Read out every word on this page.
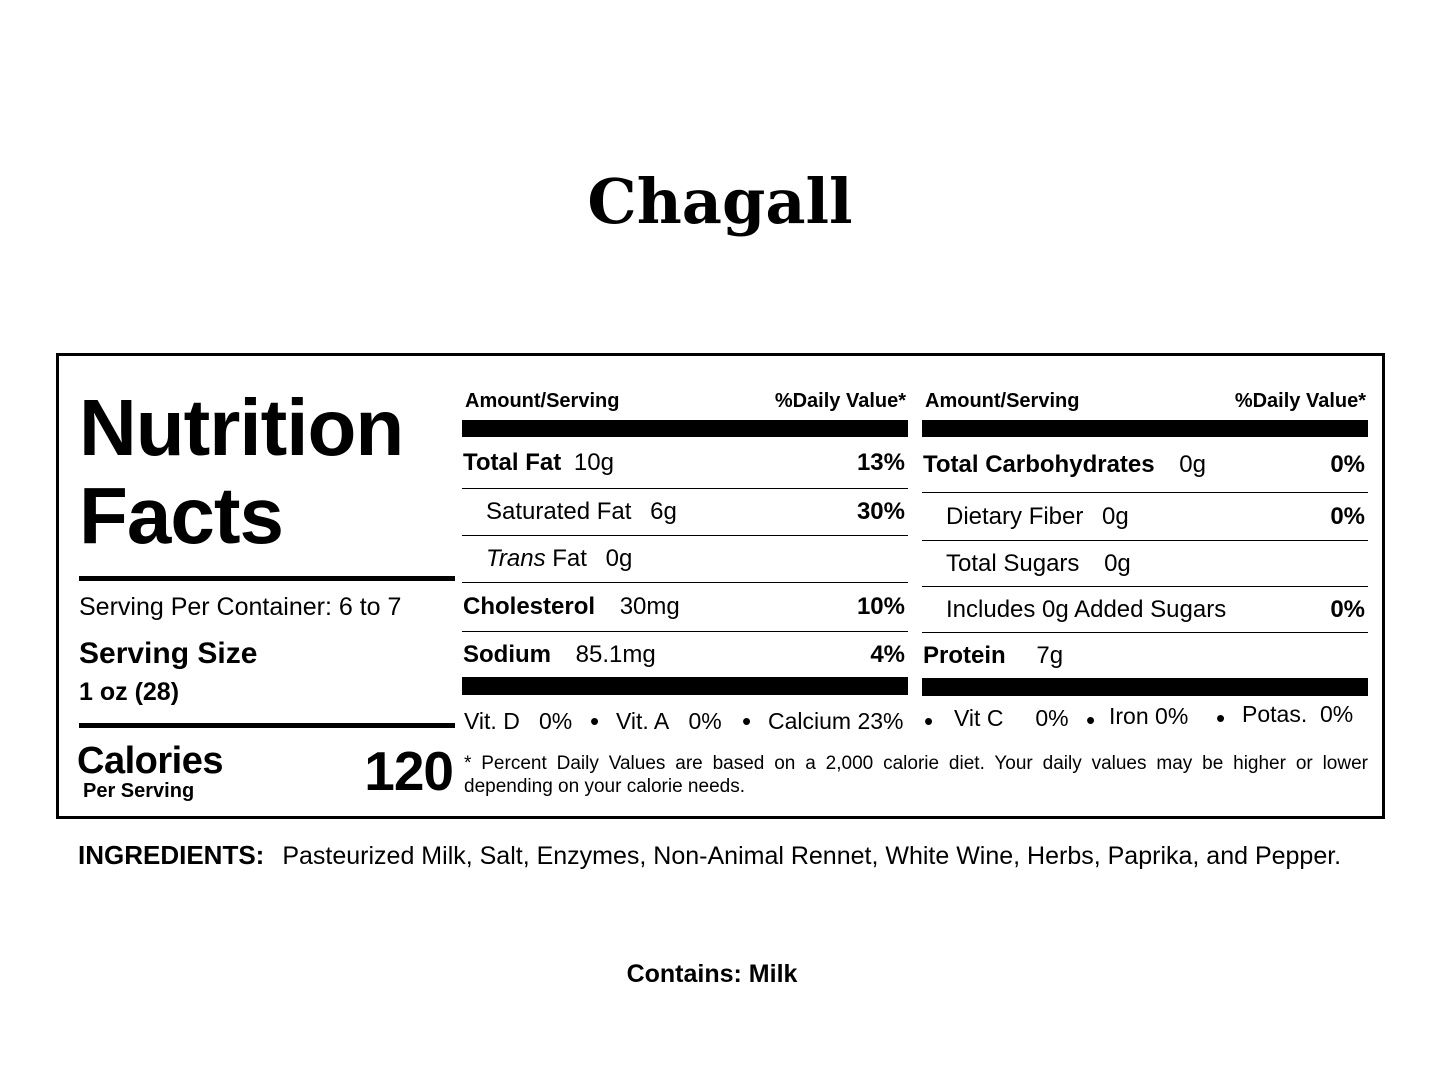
Chagall
Nutrition
Facts
Serving Per Container: 6 to 7
Serving Size
1 oz (28)
Calories
Per Serving	120
Amount/Serving	%Daily Value*
Total Fat 10g	13%
Saturated Fat 6g	30%
Trans Fat 0g
Cholesterol 30mg	10%
Sodium 85.1mg	4%
Amount/Serving	%Daily Value*
Total Carbohydrates 0g	0%
Dietary Fiber 0g	0%
Total Sugars 0g
Includes 0g Added Sugars	0%
Protein 7g
Vit. D 0% • Vit. A 0% • Calcium 23% • Vit C 0% • Iron 0% • Potas. 0%
* Percent Daily Values are based on a 2,000 calorie diet. Your daily values may be higher or lower depending on your calorie needs.
INGREDIENTS: Pasteurized Milk, Salt, Enzymes, Non-Animal Rennet, White Wine, Herbs, Paprika, and Pepper.
Contains: Milk
